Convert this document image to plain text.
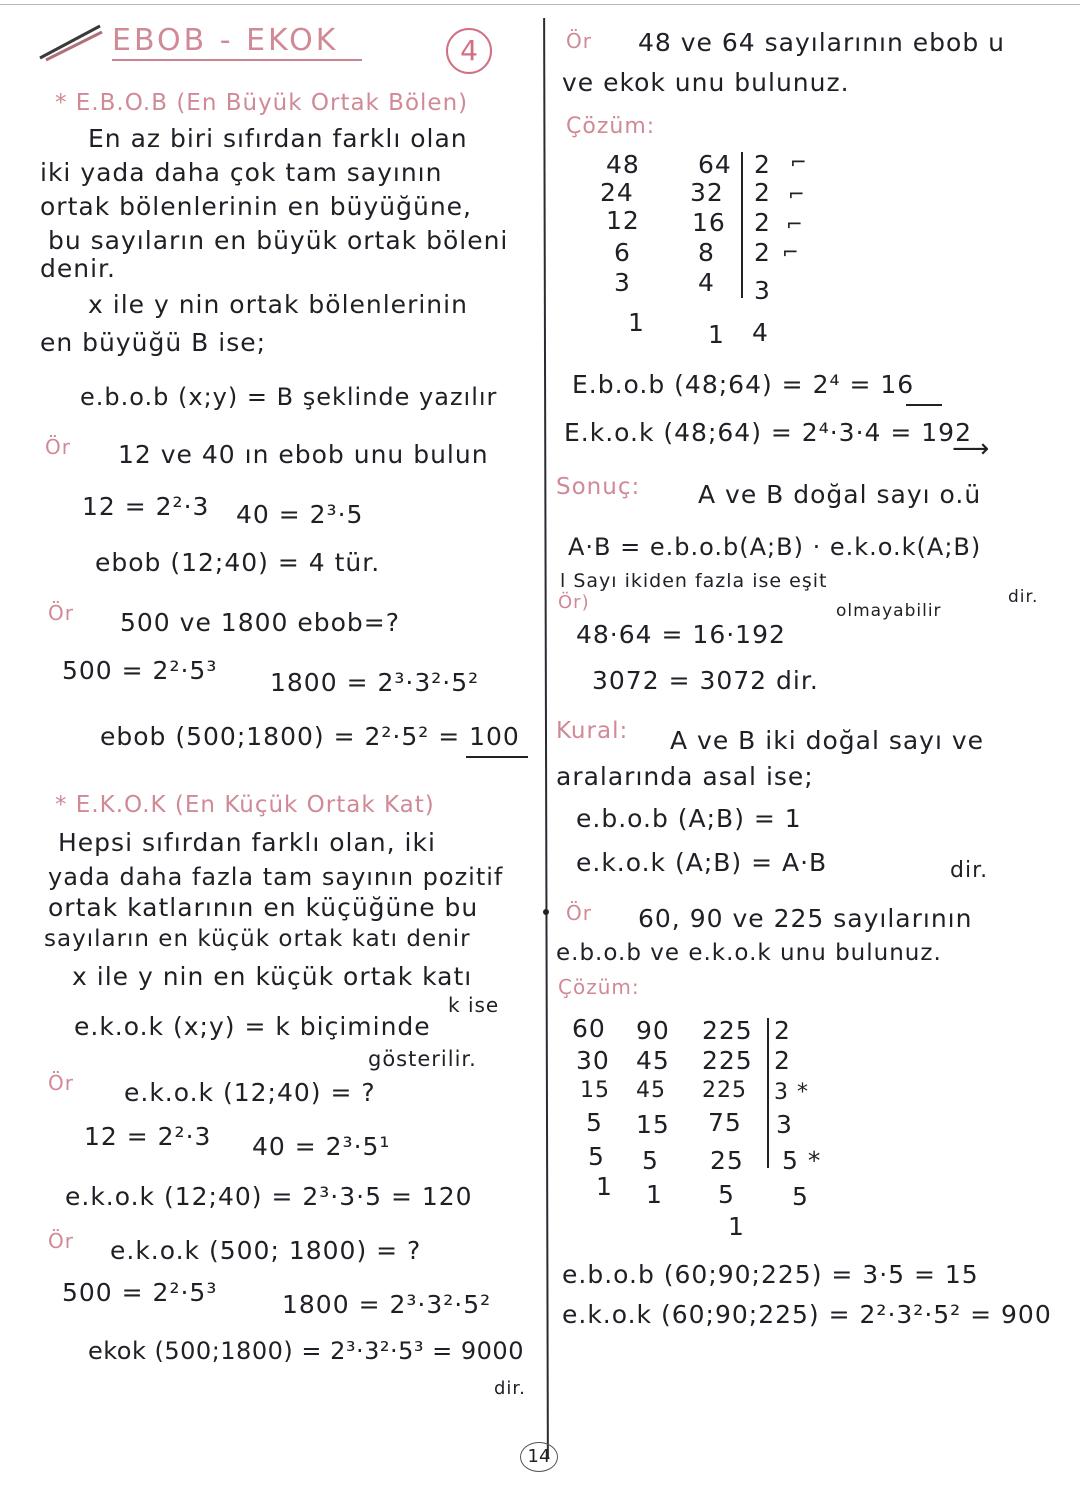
EBOB - EKOK	4
* E.B.O.B (En Büyük Ortak Bölen)
En az biri sıfırdan farklı olan
iki yada daha çok tam sayının
ortak bölenlerinin en büyüğüne,
bu sayıların en büyük ortak böleni
denir.
x ile y nin ortak bölenlerinin
en büyüğü B ise;
e.b.o.b (x;y) = B şeklinde yazılır
Ör 12 ve 40 ın ebob unu bulun
12 = 2²·3 40 = 2³·5
ebob (12;40) = 4 tür.
Ör 500 ve 1800 ebob=?
500 = 2²·5³ 1800 = 2³·3²·5²
ebob (500;1800) = 2²·5² = 100
* E.K.O.K (En Küçük Ortak Kat)
Hepsi sıfırdan farklı olan, iki
yada daha fazla tam sayının pozitif
ortak katlarının en küçüğüne bu
sayıların en küçük ortak katı denir
x ile y nin en küçük ortak katı
k ise
e.k.o.k (x;y) = k biçiminde
gösterilir.
Ör e.k.o.k (12;40) = ?
12 = 2²·3 40 = 2³·5¹
e.k.o.k (12;40) = 2³·3·5 = 120
Ör e.k.o.k (500; 1800) = ?
500 = 2²·5³	1800 = 2³·3²·5²
ekok (500;1800) = 2³·3²·5³ = 9000
dir.
Ör 48 ve 64 sayılarının ebob u
ve ekok unu bulunuz.
Çözüm:
48 64 2
24 32 2
12 16 2
6	8 2
3	4 3
1	1 4
⌐
⌐
⌐
⌐
E.b.o.b (48;64) = 2⁴ = 16
E.k.o.k (48;64) = 2⁴·3·4 = 192
⟶
Sonuç: A ve B doğal sayı o.ü
A·B = e.b.o.b(A;B) · e.k.o.k(A;B)
l Sayı ikiden fazla ise eşit
Ör)	olmayabilir
dir.
48·64 = 16·192
3072 = 3072 dir.
Kural: A ve B iki doğal sayı ve
aralarında asal ise;
e.b.o.b (A;B) = 1
e.k.o.k (A;B) = A·B	dir.
Ör 60, 90 ve 225 sayılarının
e.b.o.b ve e.k.o.k unu bulunuz.
Çözüm:
60 90 225 2
30 45 225 2
15 45 225 3 *
5 15 75 3
5 5 25 5 *
1 1 5 5
1
e.b.o.b (60;90;225) = 3·5 = 15
e.k.o.k (60;90;225) = 2²·3²·5² = 900
14
